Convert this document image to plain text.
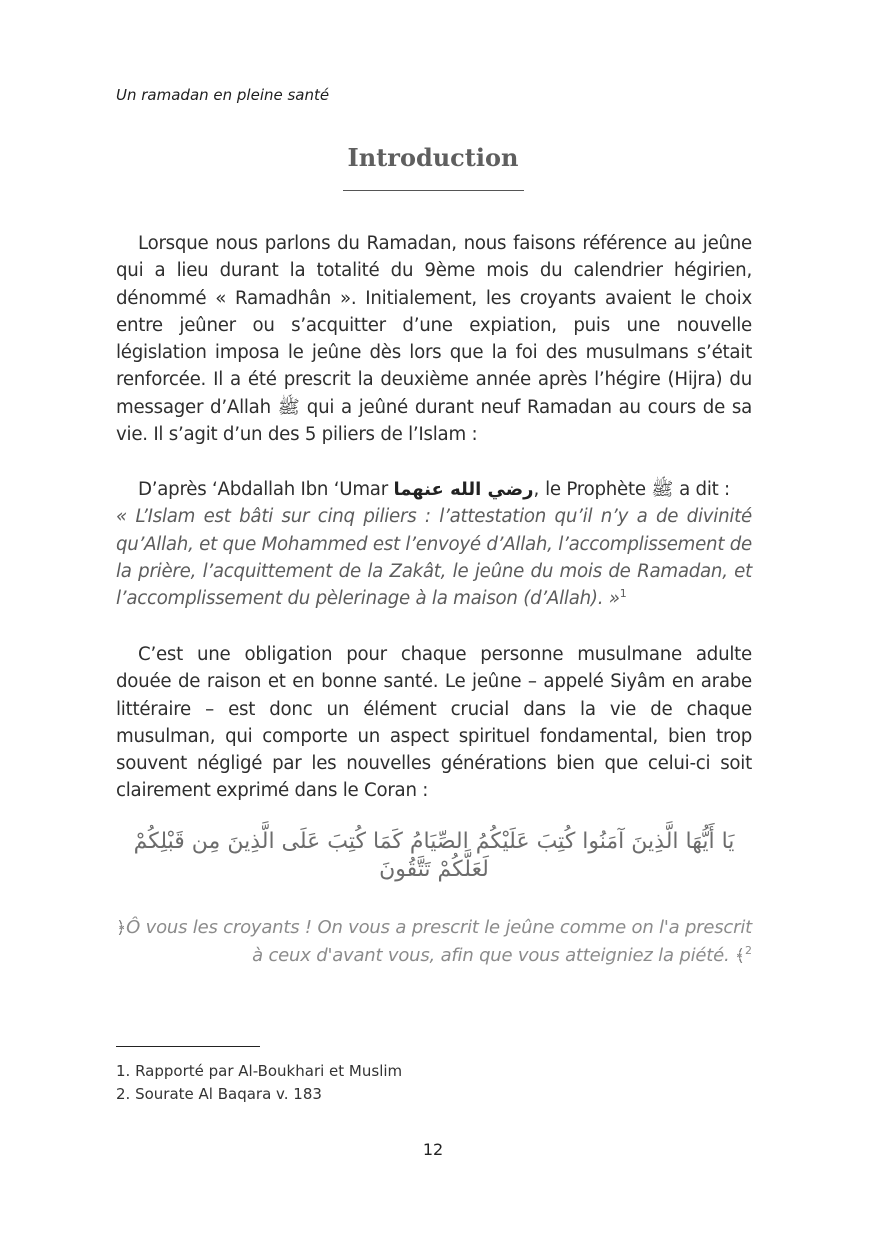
Un ramadan en pleine santé
Introduction

Lorsque nous parlons du Ramadan, nous faisons référence au jeûne qui a lieu durant la totalité du 9ème mois du calendrier hégirien, dénommé « Ramadhân ». Initialement, les croyants avaient le choix entre jeûner ou s’acquitter d’une expiation, puis une nouvelle législation imposa le jeûne dès lors que la foi des musulmans s’était renforcée. Il a été prescrit la deuxième année après l’hégire (Hijra) du messager d’Allah ﷺ qui a jeûné durant neuf Ramadan au cours de sa vie. Il s’agit d’un des 5 piliers de l’Islam :

D’après ‘Abdallah Ibn ‘Umar رضي الله عنهما, le Prophète ﷺ a dit :

« L’Islam est bâti sur cinq piliers : l’attestation qu’il n’y a de divinité qu’Allah, et que Mohammed est l’envoyé d’Allah, l’accomplissement de la prière, l’acquittement de la Zakât, le jeûne du mois de Ramadan, et l’accomplissement du pèlerinage à la maison (d’Allah). »$^1$

C’est une obligation pour chaque personne musulmane adulte douée de raison et en bonne santé. Le jeûne – appelé Siyâm en arabe littéraire – est donc un élément crucial dans la vie de chaque musulman, qui comporte un aspect spirituel fondamental, bien trop souvent négligé par les nouvelles générations bien que celui-ci soit clairement exprimé dans le Coran :

يَا أَيُّهَا الَّذِينَ آمَنُوا كُتِبَ عَلَيْكُمُ الصِّيَامُ كَمَا كُتِبَ عَلَى الَّذِينَ مِن قَبْلِكُمْ لَعَلَّكُمْ تَتَّقُونَ
﴿Ô vous les croyants ! On vous a prescrit le jeûne comme on l'a prescrit à ceux d'avant vous, afin que vous atteigniez la piété. ﴾$^2$
1. Rapporté par Al-Boukhari et Muslim
2. Sourate Al Baqara v. 183
12
